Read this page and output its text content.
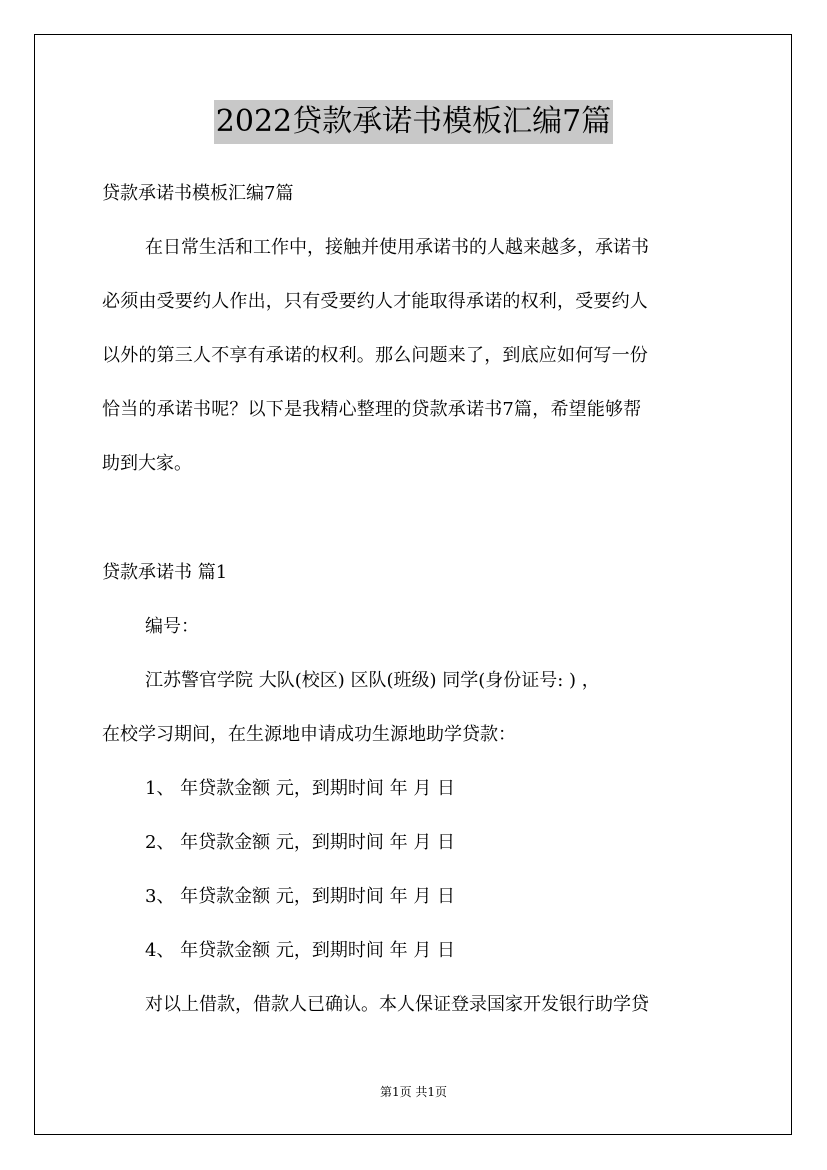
2022贷款承诺书模板汇编7篇
贷款承诺书模板汇编7篇
在日常生活和工作中，接触并使用承诺书的人越来越多，承诺书
必须由受要约人作出，只有受要约人才能取得承诺的权利，受要约人
以外的第三人不享有承诺的权利。那么问题来了，到底应如何写一份
恰当的承诺书呢？以下是我精心整理的贷款承诺书7篇，希望能够帮
助到大家。
贷款承诺书 篇1
编号：
江苏警官学院 大队(校区) 区队(班级) 同学(身份证号: ) ，
在校学习期间，在生源地申请成功生源地助学贷款：
1、 年贷款金额 元，到期时间 年 月 日
2、 年贷款金额 元，到期时间 年 月 日
3、 年贷款金额 元，到期时间 年 月 日
4、 年贷款金额 元，到期时间 年 月 日
对以上借款，借款人已确认。本人保证登录国家开发银行助学贷
第1页 共1页
